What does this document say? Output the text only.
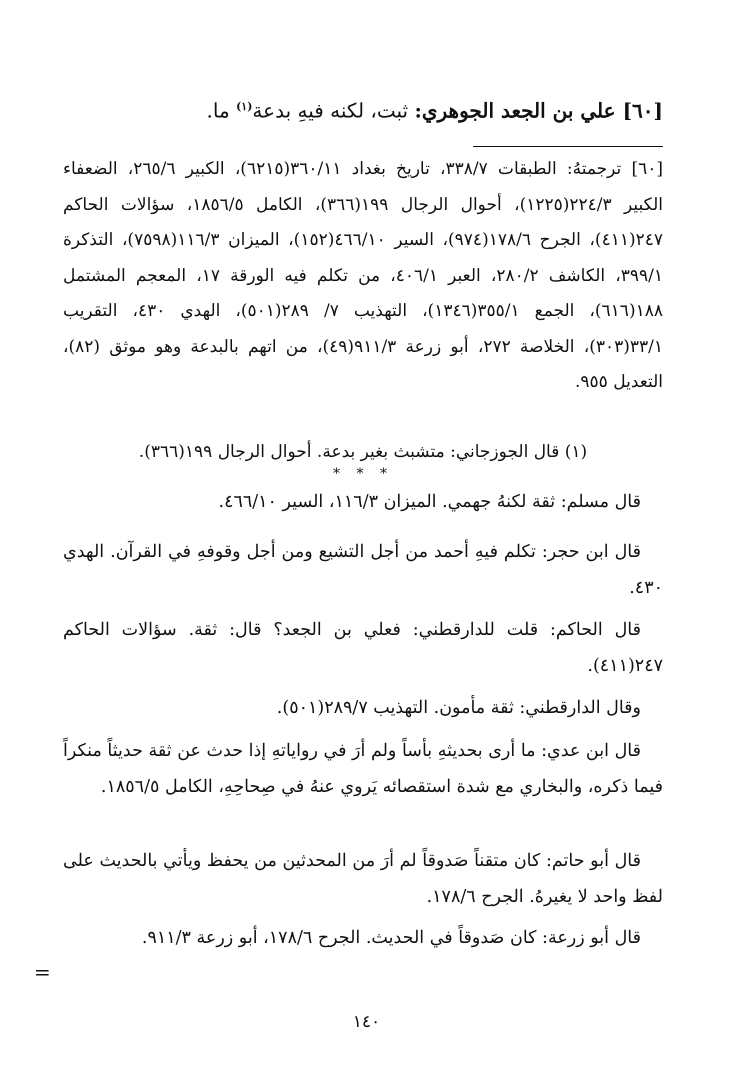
[٦٠] علي بن الجعد الجوهري: ثبت، لكنه فيهِ بدعة$^{(١)}$ ما.
[٦٠] ترجمتهُ: الطبقات ٣٣٨/٧، تاريخ بغداد ٣٦٠/١١(٦٢١٥)، الكبير ٢٦٥/٦، الضعفاء الكبير ٢٢٤/٣(١٢٢٥)، أحوال الرجال ١٩٩(٣٦٦)، الكامل ١٨٥٦/٥، سؤالات الحاكم ٢٤٧(٤١١)، الجرح ١٧٨/٦(٩٧٤)، السير ٤٦٦/١٠(١٥٢)، الميزان ١١٦/٣(٧٥٩٨)، التذكرة ٣٩٩/١، الكاشف ٢٨٠/٢، العبر ٤٠٦/١، من تكلم فيه الورقة ١٧، المعجم المشتمل ١٨٨(٦١٦)، الجمع ٣٥٥/١(١٣٤٦)، التهذيب ٧/ ٢٨٩(٥٠١)، الهدي ٤٣٠، التقريب ٣٣/١(٣٠٣)، الخلاصة ٢٧٢، أبو زرعة ٩١١/٣(٤٩)، من اتهم بالبدعة وهو موثق (٨٢)، التعديل ٩٥٥.
(١) قال الجوزجاني: متشبث بغير بدعة. أحوال الرجال ١٩٩(٣٦٦).
* * *
قال مسلم: ثقة لكنهُ جهمي. الميزان ١١٦/٣، السير ٤٦٦/١٠.
قال ابن حجر: تكلم فيهِ أحمد من أجل التشيع ومن أجل وقوفهِ في القرآن. الهدي ٤٣٠.
قال الحاكم: قلت للدارقطني: فعلي بن الجعد؟ قال: ثقة. سؤالات الحاكم ٢٤٧(٤١١).
وقال الدارقطني: ثقة مأمون. التهذيب ٢٨٩/٧(٥٠١).
قال ابن عدي: ما أرى بحديثهِ بأساً ولم أرَ في رواياتهِ إذا حدث عن ثقة حديثاً منكراً فيما ذكره، والبخاري مع شدة استقصائه يَروي عنهُ في صِحاحِهِ، الكامل ١٨٥٦/٥.
قال أبو حاتم: كان متقناً صَدوقاً لم أرَ من المحدثين من يحفظ ويأتي بالحديث على لفظ واحد لا يغيرهُ. الجرح ١٧٨/٦.
قال أبو زرعة: كان صَدوقاً في الحديث. الجرح ١٧٨/٦، أبو زرعة ٩١١/٣.
=
١٤٠
